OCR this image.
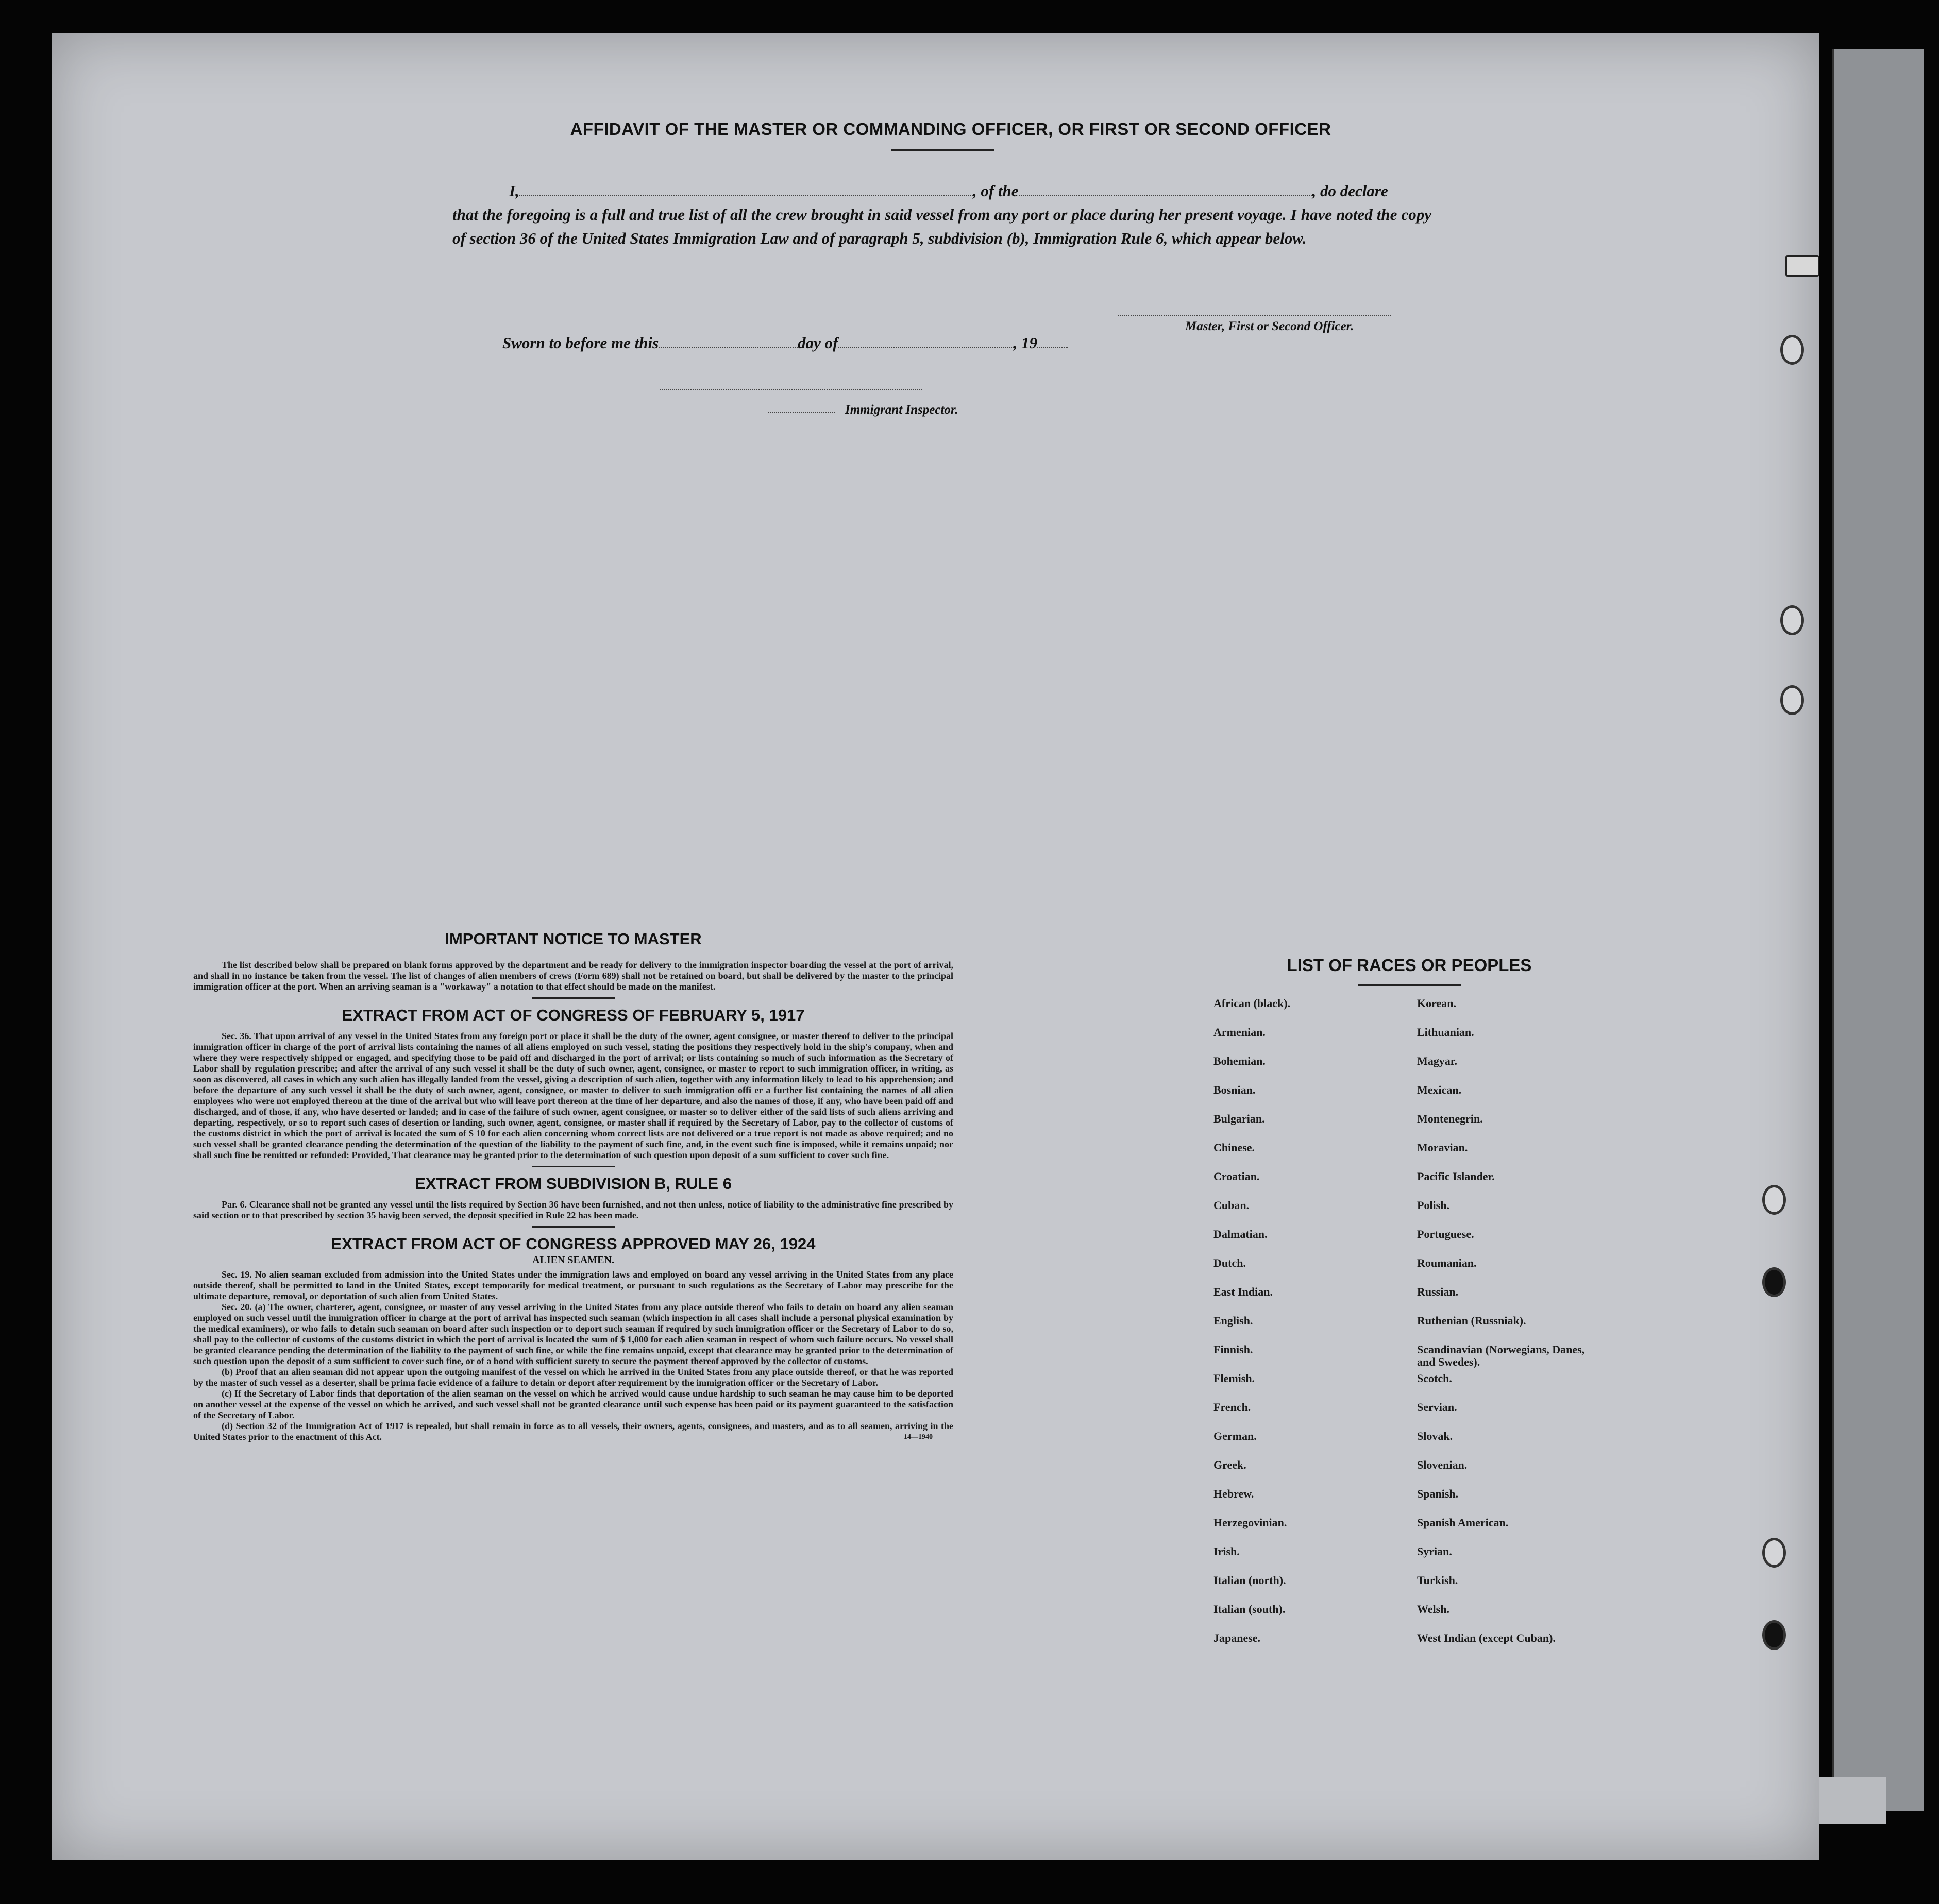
AFFIDAVIT OF THE MASTER OR COMMANDING OFFICER, OR FIRST OR SECOND OFFICER
I,	, of the	, do declare
that the foregoing is a full and true list of all the crew brought in said vessel from any port or place during her present voyage. I have noted the copy of section 36 of the United States Immigration Law and of paragraph 5, subdivision (b), Immigration Rule 6, which appear below.
Master, First or Second Officer.
Sworn to before me this	day of	, 19
Immigrant Inspector.
IMPORTANT NOTICE TO MASTER

The list described below shall be prepared on blank forms approved by the department and be ready for delivery to the immigration inspector boarding the vessel at the port of arrival, and shall in no instance be taken from the vessel. The list of changes of alien members of crews (Form 689) shall not be retained on board, but shall be delivered by the master to the principal immigration officer at the port. When an arriving seaman is a "workaway" a notation to that effect should be made on the manifest.

EXTRACT FROM ACT OF CONGRESS OF FEBRUARY 5, 1917

Sec. 36. That upon arrival of any vessel in the United States from any foreign port or place it shall be the duty of the owner, agent consignee, or master thereof to deliver to the principal immigration officer in charge of the port of arrival lists containing the names of all aliens employed on such vessel, stating the positions they respectively hold in the ship's company, when and where they were respectively shipped or engaged, and specifying those to be paid off and discharged in the port of arrival; or lists containing so much of such information as the Secretary of Labor shall by regulation prescribe; and after the arrival of any such vessel it shall be the duty of such owner, agent, consignee, or master to report to such immigration officer, in writing, as soon as discovered, all cases in which any such alien has illegally landed from the vessel, giving a description of such alien, together with any information likely to lead to his apprehension; and before the departure of any such vessel it shall be the duty of such owner, agent, consignee, or master to deliver to such immigration offi er a further list containing the names of all alien employees who were not employed thereon at the time of the arrival but who will leave port thereon at the time of her departure, and also the names of those, if any, who have been paid off and discharged, and of those, if any, who have deserted or landed; and in case of the failure of such owner, agent consignee, or master so to deliver either of the said lists of such aliens arriving and departing, respectively, or so to report such cases of desertion or landing, such owner, agent, consignee, or master shall if required by the Secretary of Labor, pay to the collector of customs of the customs district in which the port of arrival is located the sum of $ 10 for each alien concerning whom correct lists are not delivered or a true report is not made as above required; and no such vessel shall be granted clearance pending the determination of the question of the liability to the payment of such fine, and, in the event such fine is imposed, while it remains unpaid; nor shall such fine be remitted or refunded: Provided, That clearance may be granted prior to the determination of such question upon deposit of a sum sufficient to cover such fine.

EXTRACT FROM SUBDIVISION B, RULE 6

Par. 6. Clearance shall not be granted any vessel until the lists required by Section 36 have been furnished, and not then unless, notice of liability to the administrative fine prescribed by said section or to that prescribed by section 35 havig been served, the deposit specified in Rule 22 has been made.

EXTRACT FROM ACT OF CONGRESS APPROVED MAY 26, 1924
ALIEN SEAMEN.

Sec. 19. No alien seaman excluded from admission into the United States under the immigration laws and employed on board any vessel arriving in the United States from any place outside thereof, shall be permitted to land in the United States, except temporarily for medical treatment, or pursuant to such regulations as the Secretary of Labor may prescribe for the ultimate departure, removal, or deportation of such alien from United States.

Sec. 20. (a) The owner, charterer, agent, consignee, or master of any vessel arriving in the United States from any place outside thereof who fails to detain on board any alien seaman employed on such vessel until the immigration officer in charge at the port of arrival has inspected such seaman (which inspection in all cases shall include a personal physical examination by the medical examiners), or who fails to detain such seaman on board after such inspection or to deport such seaman if required by such immigration officer or the Secretary of Labor to do so, shall pay to the collector of customs of the customs district in which the port of arrival is located the sum of $ 1,000 for each alien seaman in respect of whom such failure occurs. No vessel shall be granted clearance pending the determination of the liability to the payment of such fine, or while the fine remains unpaid, except that clearance may be granted prior to the determination of such question upon the deposit of a sum sufficient to cover such fine, or of a bond with sufficient surety to secure the payment thereof approved by the collector of customs.

(b) Proof that an alien seaman did not appear upon the outgoing manifest of the vessel on which he arrived in the United States from any place outside thereof, or that he was reported by the master of such vessel as a deserter, shall be prima facie evidence of a failure to detain or deport after requirement by the immigration officer or the Secretary of Labor.

(c) If the Secretary of Labor finds that deportation of the alien seaman on the vessel on which he arrived would cause undue hardship to such seaman he may cause him to be deported on another vessel at the expense of the vessel on which he arrived, and such vessel shall not be granted clearance until such expense has been paid or its payment guaranteed to the satisfaction of the Secretary of Labor.

(d) Section 32 of the Immigration Act of 1917 is repealed, but shall remain in force as to all vessels, their owners, agents, consignees, and masters, and as to all seamen, arriving in the United States prior to the enactment of this Act.	14—1940

LIST OF RACES OR PEOPLES
African (black).	Korean.
Armenian.	Lithuanian.
Bohemian.	Magyar.
Bosnian.	Mexican.
Bulgarian.	Montenegrin.
Chinese.	Moravian.
Croatian.	Pacific Islander.
Cuban.	Polish.
Dalmatian.	Portuguese.
Dutch.	Roumanian.
East Indian.	Russian.
English.	Ruthenian (Russniak).
Finnish.	Scandinavian (Norwegians, Danes, and Swedes).
Flemish.	Scotch.
French.	Servian.
German.	Slovak.
Greek.	Slovenian.
Hebrew.	Spanish.
Herzegovinian.	Spanish American.
Irish.	Syrian.
Italian (north).	Turkish.
Italian (south).	Welsh.
Japanese.	West Indian (except Cuban).
